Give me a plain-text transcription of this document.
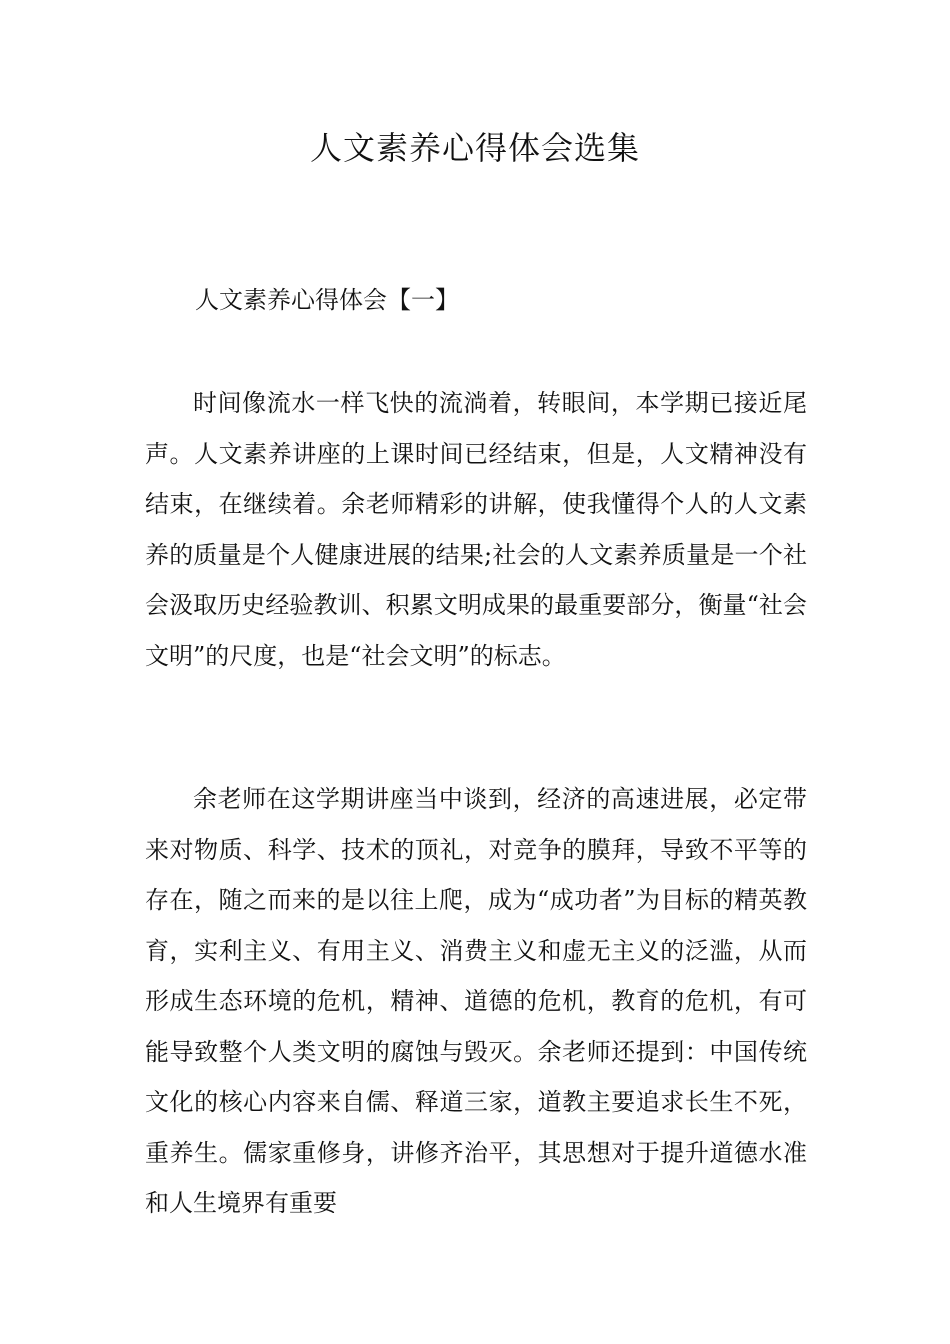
人文素养心得体会选集
人文素养心得体会【一】

时间像流水一样飞快的流淌着，转眼间，本学期已接近尾声。人文素养讲座的上课时间已经结束，但是，人文精神没有结束，在继续着。余老师精彩的讲解，使我懂得个人的人文素养的质量是个人健康进展的结果;社会的人文素养质量是一个社会汲取历史经验教训、积累文明成果的最重要部分，衡量“社会文明”的尺度，也是“社会文明”的标志。

余老师在这学期讲座当中谈到，经济的高速进展，必定带来对物质、科学、技术的顶礼，对竞争的膜拜，导致不平等的存在，随之而来的是以往上爬，成为“成功者”为目标的精英教育，实利主义、有用主义、消费主义和虚无主义的泛滥，从而形成生态环境的危机，精神、道德的危机，教育的危机，有可能导致整个人类文明的腐蚀与毁灭。余老师还提到：中国传统文化的核心内容来自儒、释道三家，道教主要追求长生不死，重养生。儒家重修身，讲修齐治平，其思想对于提升道德水准和人生境界有重要
